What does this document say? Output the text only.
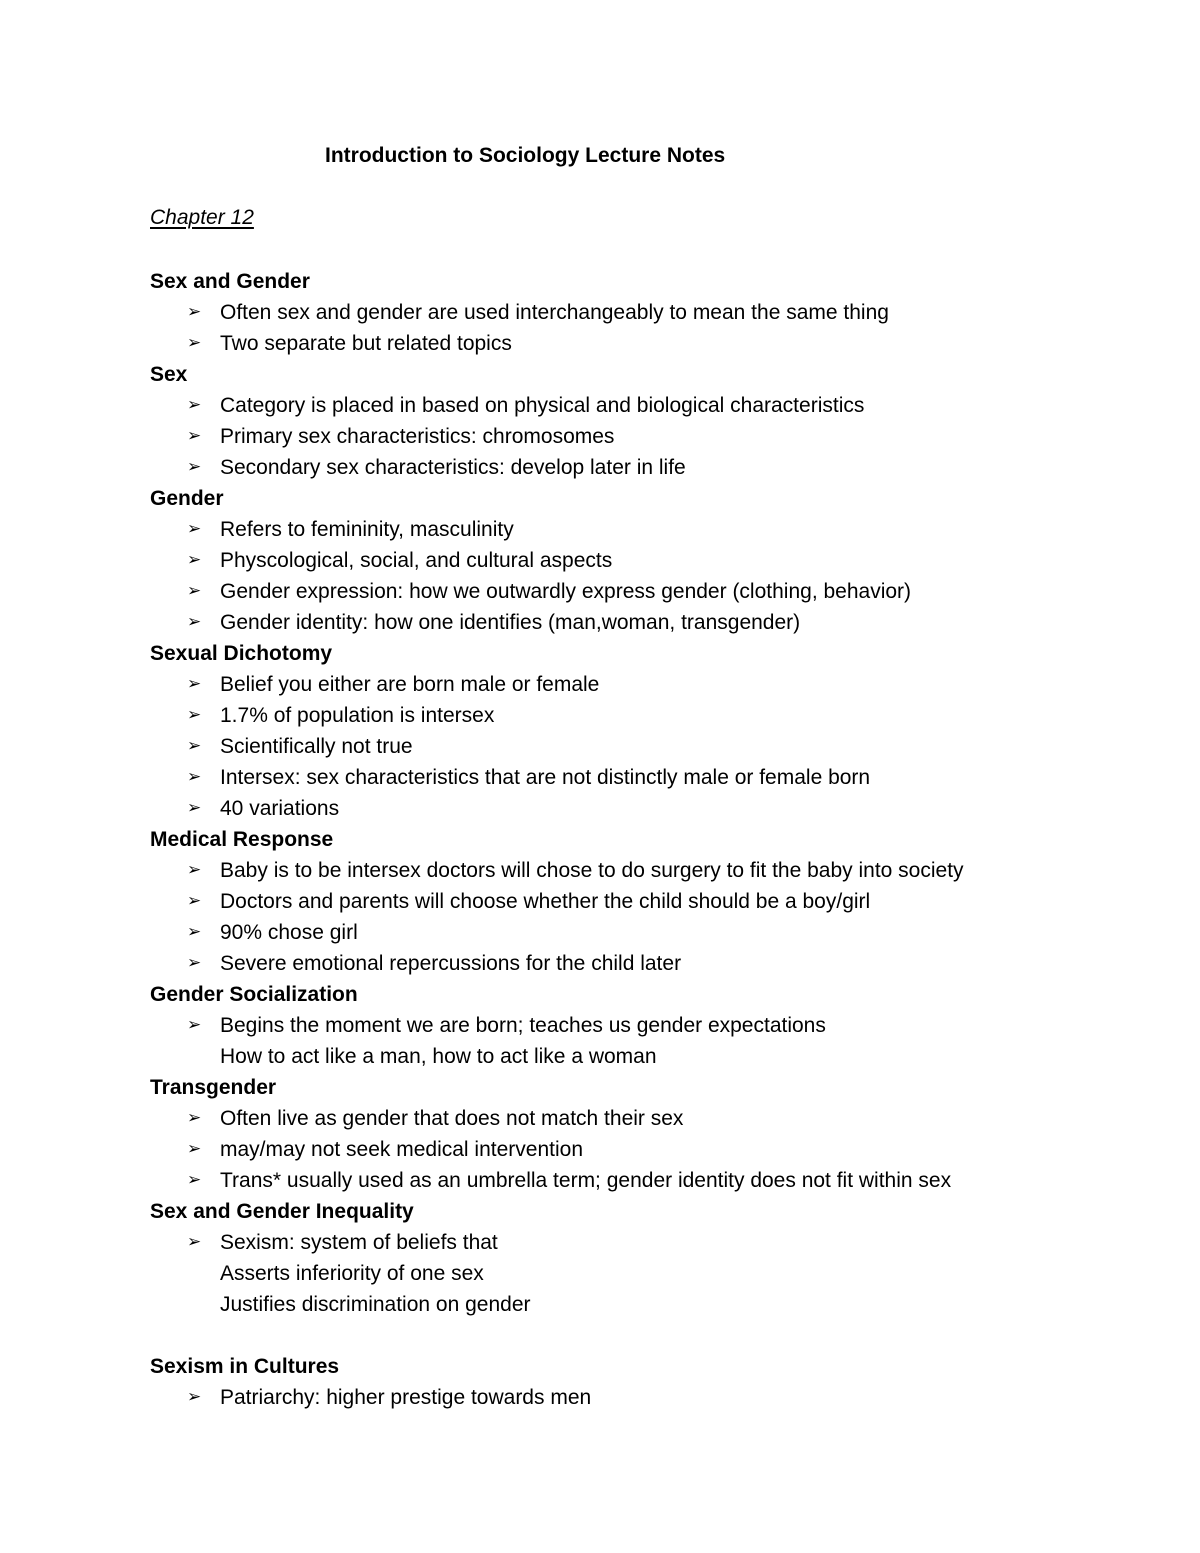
Introduction to Sociology Lecture Notes
Chapter 12
Sex and Gender
➢ Often sex and gender are used interchangeably to mean the same thing
➢ Two separate but related topics
Sex
➢ Category is placed in based on physical and biological characteristics
➢ Primary sex characteristics: chromosomes
➢ Secondary sex characteristics: develop later in life
Gender
➢ Refers to femininity, masculinity
➢ Physcological, social, and cultural aspects
➢ Gender expression: how we outwardly express gender (clothing, behavior)
➢ Gender identity: how one identifies (man,woman, transgender)
Sexual Dichotomy
➢ Belief you either are born male or female
➢ 1.7% of population is intersex
➢ Scientifically not true
➢ Intersex: sex characteristics that are not distinctly male or female born
➢ 40 variations
Medical Response
➢ Baby is to be intersex doctors will chose to do surgery to fit the baby into society
➢ Doctors and parents will choose whether the child should be a boy/girl
➢ 90% chose girl
➢ Severe emotional repercussions for the child later
Gender Socialization
➢ Begins the moment we are born; teaches us gender expectations
How to act like a man, how to act like a woman
Transgender
➢ Often live as gender that does not match their sex
➢ may/may not seek medical intervention
➢ Trans* usually used as an umbrella term; gender identity does not fit within sex
Sex and Gender Inequality
➢ Sexism: system of beliefs that
Asserts inferiority of one sex
Justifies discrimination on gender
Sexism in Cultures
➢ Patriarchy: higher prestige towards men
